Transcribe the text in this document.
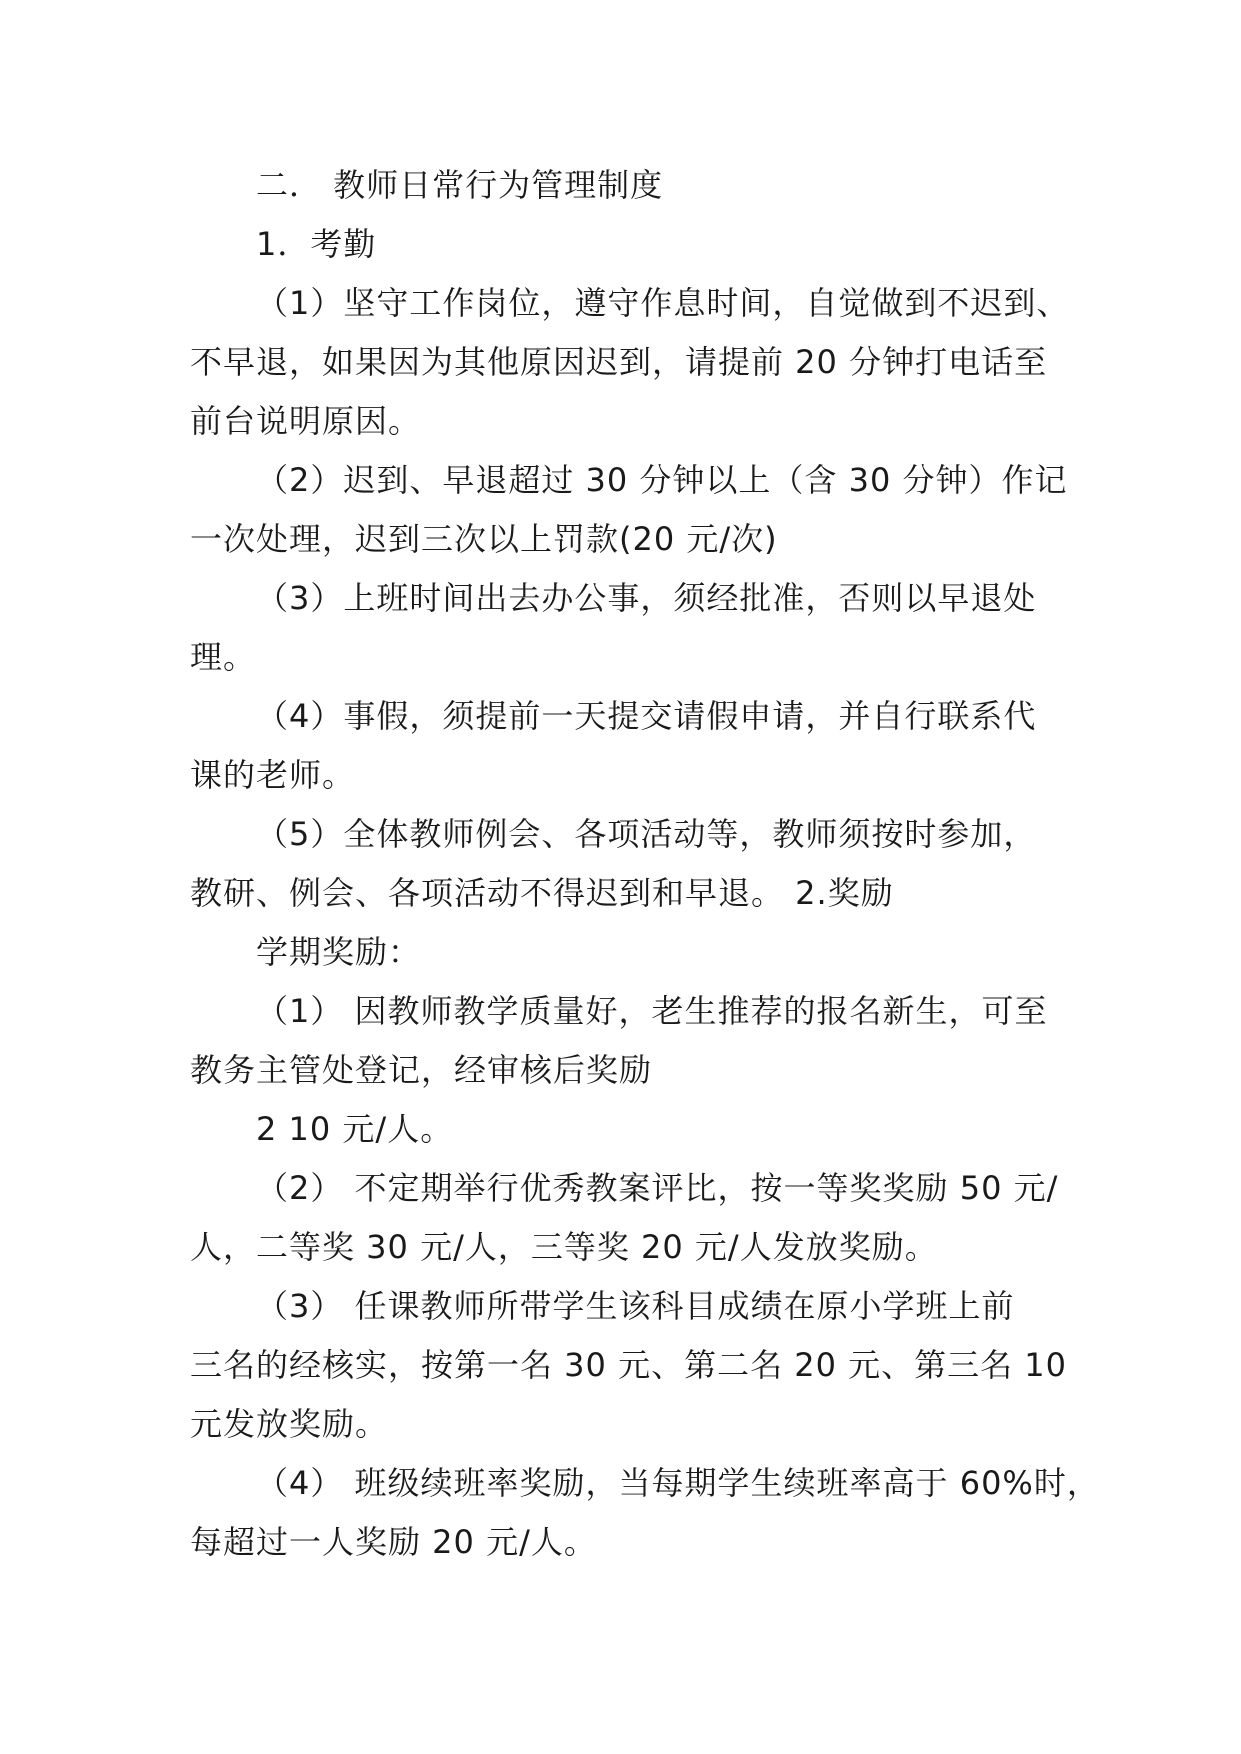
二． 教师日常行为管理制度
1．考勤
（1）坚守工作岗位，遵守作息时间，自觉做到不迟到、
不早退，如果因为其他原因迟到，请提前 20 分钟打电话至
前台说明原因。
（2）迟到、早退超过 30 分钟以上（含 30 分钟）作记
一次处理，迟到三次以上罚款(20 元/次)
（3）上班时间出去办公事，须经批准，否则以早退处
理。
（4）事假，须提前一天提交请假申请，并自行联系代
课的老师。
（5）全体教师例会、各项活动等，教师须按时参加，
教研、例会、各项活动不得迟到和早退。 2.奖励
学期奖励：
（1） 因教师教学质量好，老生推荐的报名新生，可至
教务主管处登记，经审核后奖励
2 10 元/人。
（2） 不定期举行优秀教案评比，按一等奖奖励 50 元/
人，二等奖 30 元/人，三等奖 20 元/人发放奖励。
（3） 任课教师所带学生该科目成绩在原小学班上前
三名的经核实，按第一名 30 元、第二名 20 元、第三名 10
元发放奖励。
（4） 班级续班率奖励，当每期学生续班率高于 60%时，
每超过一人奖励 20 元/人。
